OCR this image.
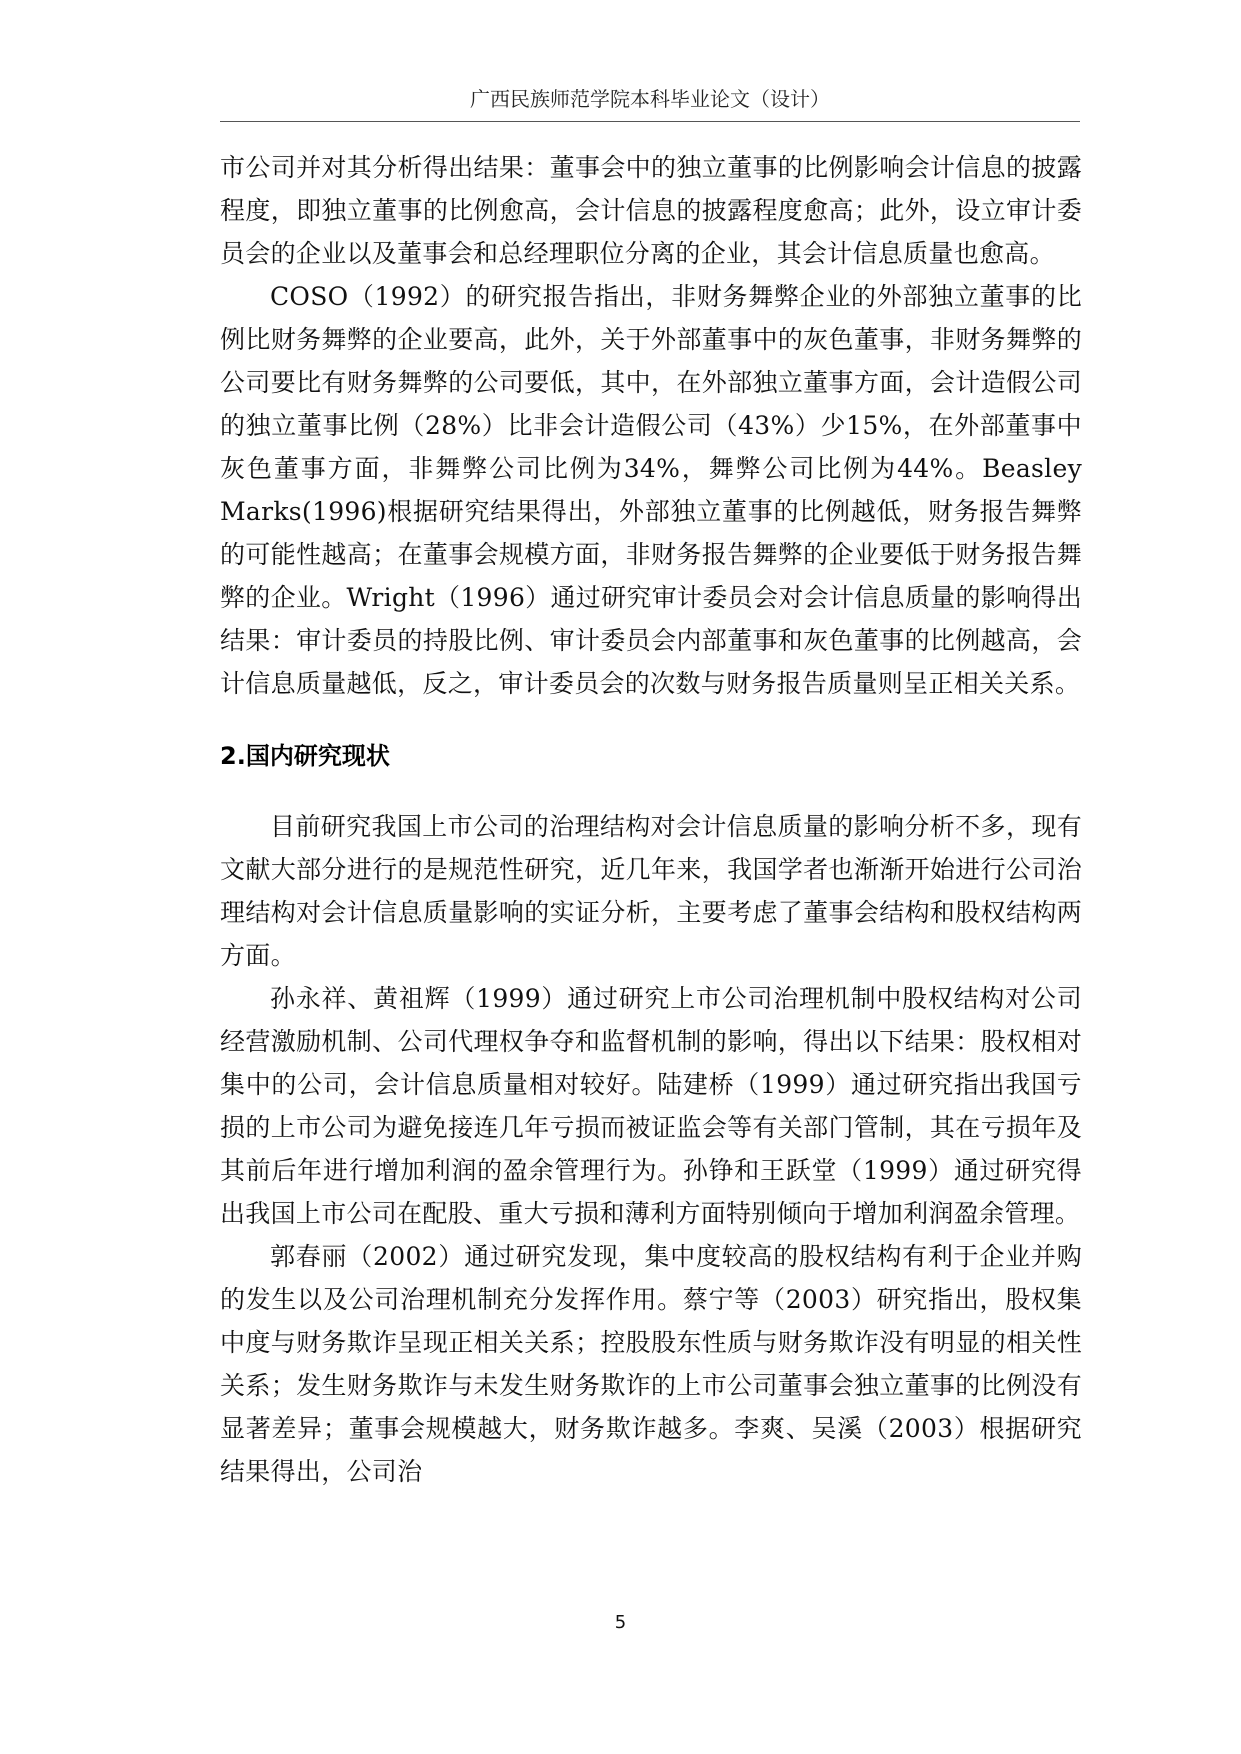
广西民族师范学院本科毕业论文（设计）

市公司并对其分析得出结果：董事会中的独立董事的比例影响会计信息的披露程度，即独立董事的比例愈高，会计信息的披露程度愈高；此外，设立审计委员会的企业以及董事会和总经理职位分离的企业，其会计信息质量也愈高。

COSO（1992）的研究报告指出，非财务舞弊企业的外部独立董事的比例比财务舞弊的企业要高，此外，关于外部董事中的灰色董事，非财务舞弊的公司要比有财务舞弊的公司要低，其中，在外部独立董事方面，会计造假公司的独立董事比例（28%）比非会计造假公司（43%）少15%，在外部董事中灰色董事方面，非舞弊公司比例为34%，舞弊公司比例为44%。Beasley Marks(1996)根据研究结果得出，外部独立董事的比例越低，财务报告舞弊的可能性越高；在董事会规模方面，非财务报告舞弊的企业要低于财务报告舞弊的企业。Wright（1996）通过研究审计委员会对会计信息质量的影响得出结果：审计委员的持股比例、审计委员会内部董事和灰色董事的比例越高，会计信息质量越低，反之，审计委员会的次数与财务报告质量则呈正相关关系。

2.国内研究现状

目前研究我国上市公司的治理结构对会计信息质量的影响分析不多，现有文献大部分进行的是规范性研究，近几年来，我国学者也渐渐开始进行公司治理结构对会计信息质量影响的实证分析，主要考虑了董事会结构和股权结构两方面。

孙永祥、黄祖辉（1999）通过研究上市公司治理机制中股权结构对公司经营激励机制、公司代理权争夺和监督机制的影响，得出以下结果：股权相对集中的公司，会计信息质量相对较好。陆建桥（1999）通过研究指出我国亏损的上市公司为避免接连几年亏损而被证监会等有关部门管制，其在亏损年及其前后年进行增加利润的盈余管理行为。孙铮和王跃堂（1999）通过研究得出我国上市公司在配股、重大亏损和薄利方面特别倾向于增加利润盈余管理。

郭春丽（2002）通过研究发现，集中度较高的股权结构有利于企业并购的发生以及公司治理机制充分发挥作用。蔡宁等（2003）研究指出，股权集中度与财务欺诈呈现正相关关系；控股股东性质与财务欺诈没有明显的相关性关系；发生财务欺诈与未发生财务欺诈的上市公司董事会独立董事的比例没有显著差异；董事会规模越大，财务欺诈越多。李爽、吴溪（2003）根据研究结果得出，公司治

5
